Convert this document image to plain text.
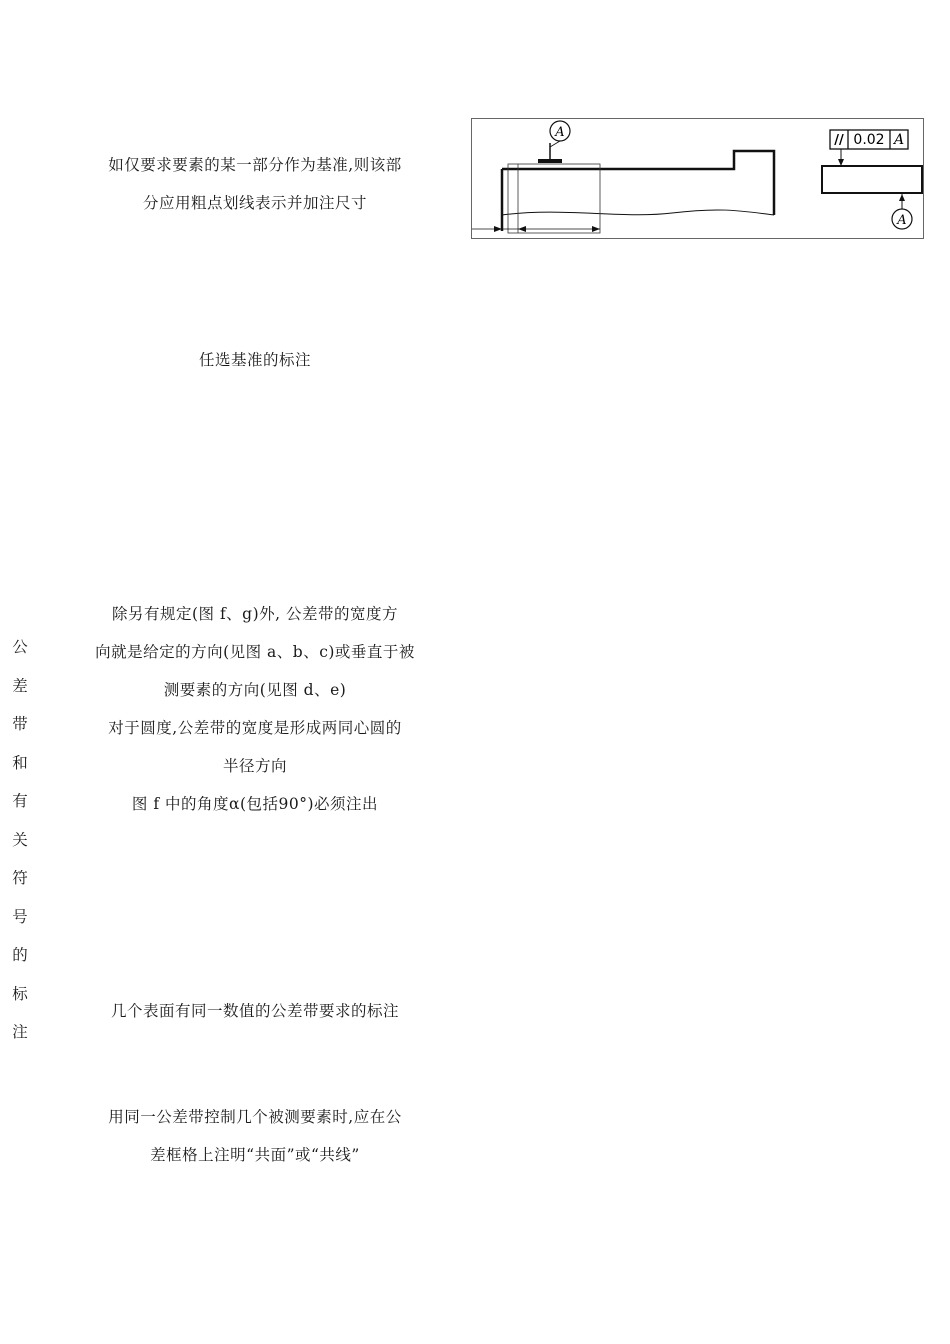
如仅要求要素的某一部分作为基准,则该部
分应用粗点划线表示并加注尺寸
A
// 0.02 A
A
任选基准的标注
除另有规定(图 f、g)外, 公差带的宽度方
向就是给定的方向(见图 a、b、c)或垂直于被
测要素的方向(见图 d、e)
对于圆度,公差带的宽度是形成两同心圆的
半径方向
图 f 中的角度α(包括90°)必须注出
公
差
带
和
有
关
符
号
的
标
注
几个表面有同一数值的公差带要求的标注
用同一公差带控制几个被测要素时,应在公
差框格上注明“共面”或“共线”
